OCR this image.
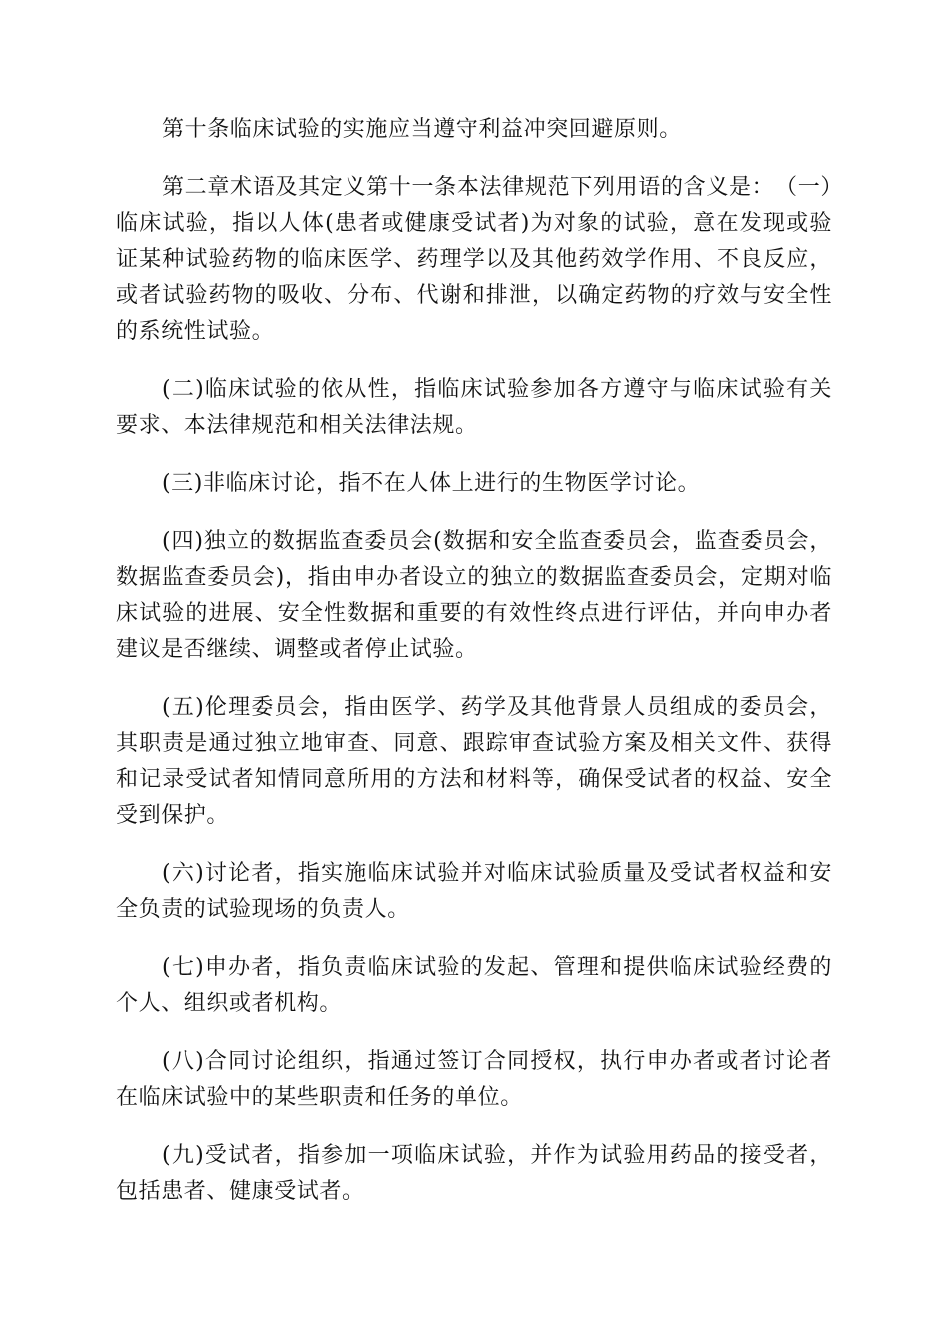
第十条临床试验的实施应当遵守利益冲突回避原则。

第二章术语及其定义第十一条本法律规范下列用语的含义是：　（一）临床试验，指以人体(患者或健康受试者)为对象的试验，意在发现或验证某种试验药物的临床医学、药理学以及其他药效学作用、不良反应，或者试验药物的吸收、分布、代谢和排泄，以确定药物的疗效与安全性的系统性试验。

(二)临床试验的依从性，指临床试验参加各方遵守与临床试验有关要求、本法律规范和相关法律法规。

(三)非临床讨论，指不在人体上进行的生物医学讨论。

(四)独立的数据监查委员会(数据和安全监查委员会，监查委员会，数据监查委员会)，指由申办者设立的独立的数据监查委员会，定期对临床试验的进展、安全性数据和重要的有效性终点进行评估，并向申办者建议是否继续、调整或者停止试验。

(五)伦理委员会，指由医学、药学及其他背景人员组成的委员会，其职责是通过独立地审查、同意、跟踪审查试验方案及相关文件、获得和记录受试者知情同意所用的方法和材料等，确保受试者的权益、安全受到保护。

(六)讨论者，指实施临床试验并对临床试验质量及受试者权益和安全负责的试验现场的负责人。

(七)申办者，指负责临床试验的发起、管理和提供临床试验经费的个人、组织或者机构。

(八)合同讨论组织，指通过签订合同授权，执行申办者或者讨论者在临床试验中的某些职责和任务的单位。

(九)受试者，指参加一项临床试验，并作为试验用药品的接受者，包括患者、健康受试者。
